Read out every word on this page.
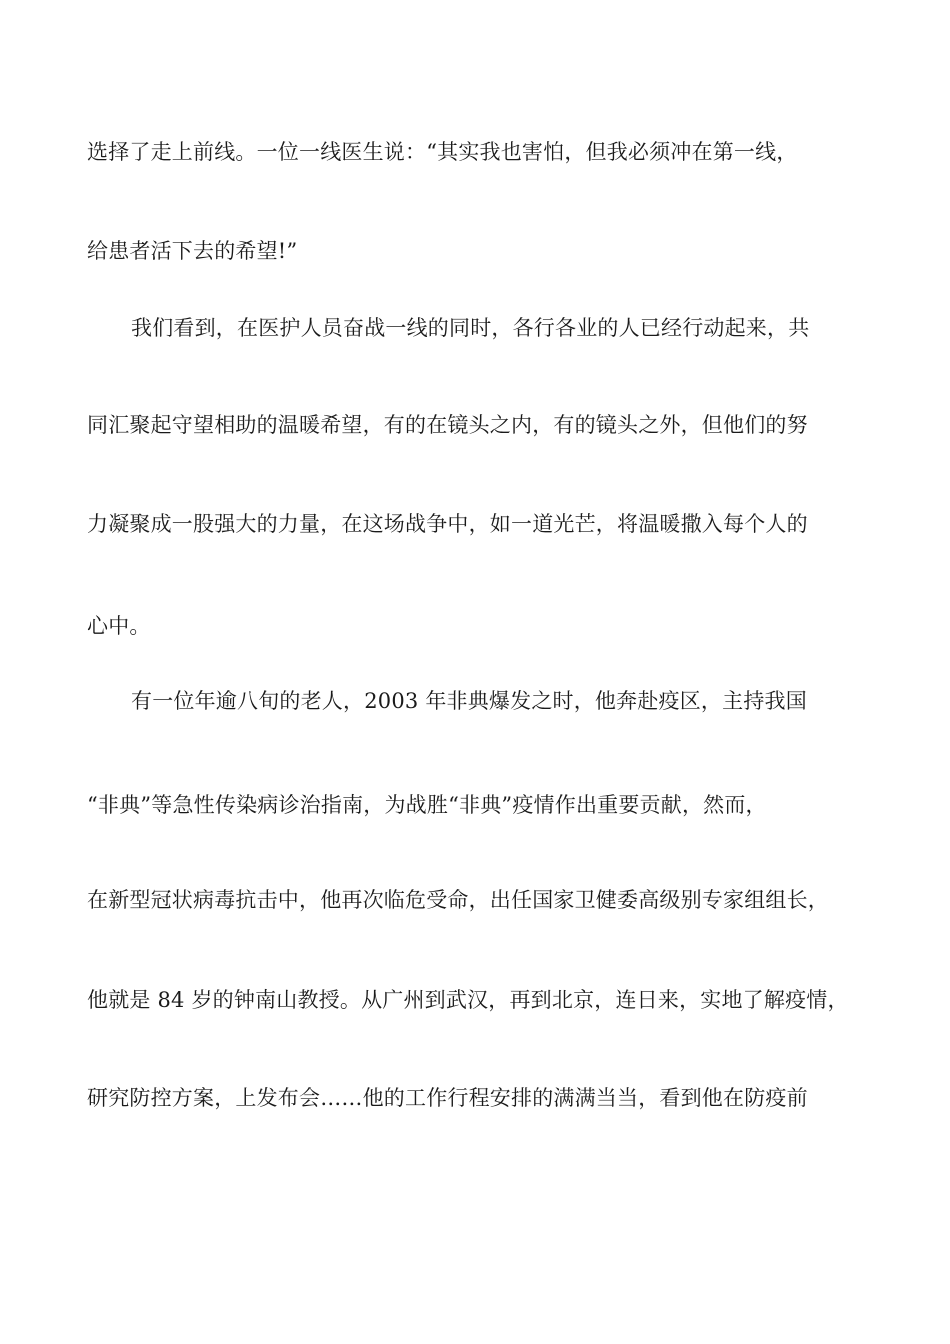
选择了走上前线。一位一线医生说：“其实我也害怕，但我必须冲在第一线，

给患者活下去的希望!”

我们看到，在医护人员奋战一线的同时，各行各业的人已经行动起来，共

同汇聚起守望相助的温暖希望，有的在镜头之内，有的镜头之外，但他们的努

力凝聚成一股强大的力量，在这场战争中，如一道光芒，将温暖撒入每个人的

心中。

有一位年逾八旬的老人，2003 年非典爆发之时，他奔赴疫区，主持我国

“非典”等急性传染病诊治指南，为战胜“非典”疫情作出重要贡献，然而，

在新型冠状病毒抗击中，他再次临危受命，出任国家卫健委高级别专家组组长，

他就是 84 岁的钟南山教授。从广州到武汉，再到北京，连日来，实地了解疫情，

研究防控方案，上发布会……他的工作行程安排的满满当当，看到他在防疫前
